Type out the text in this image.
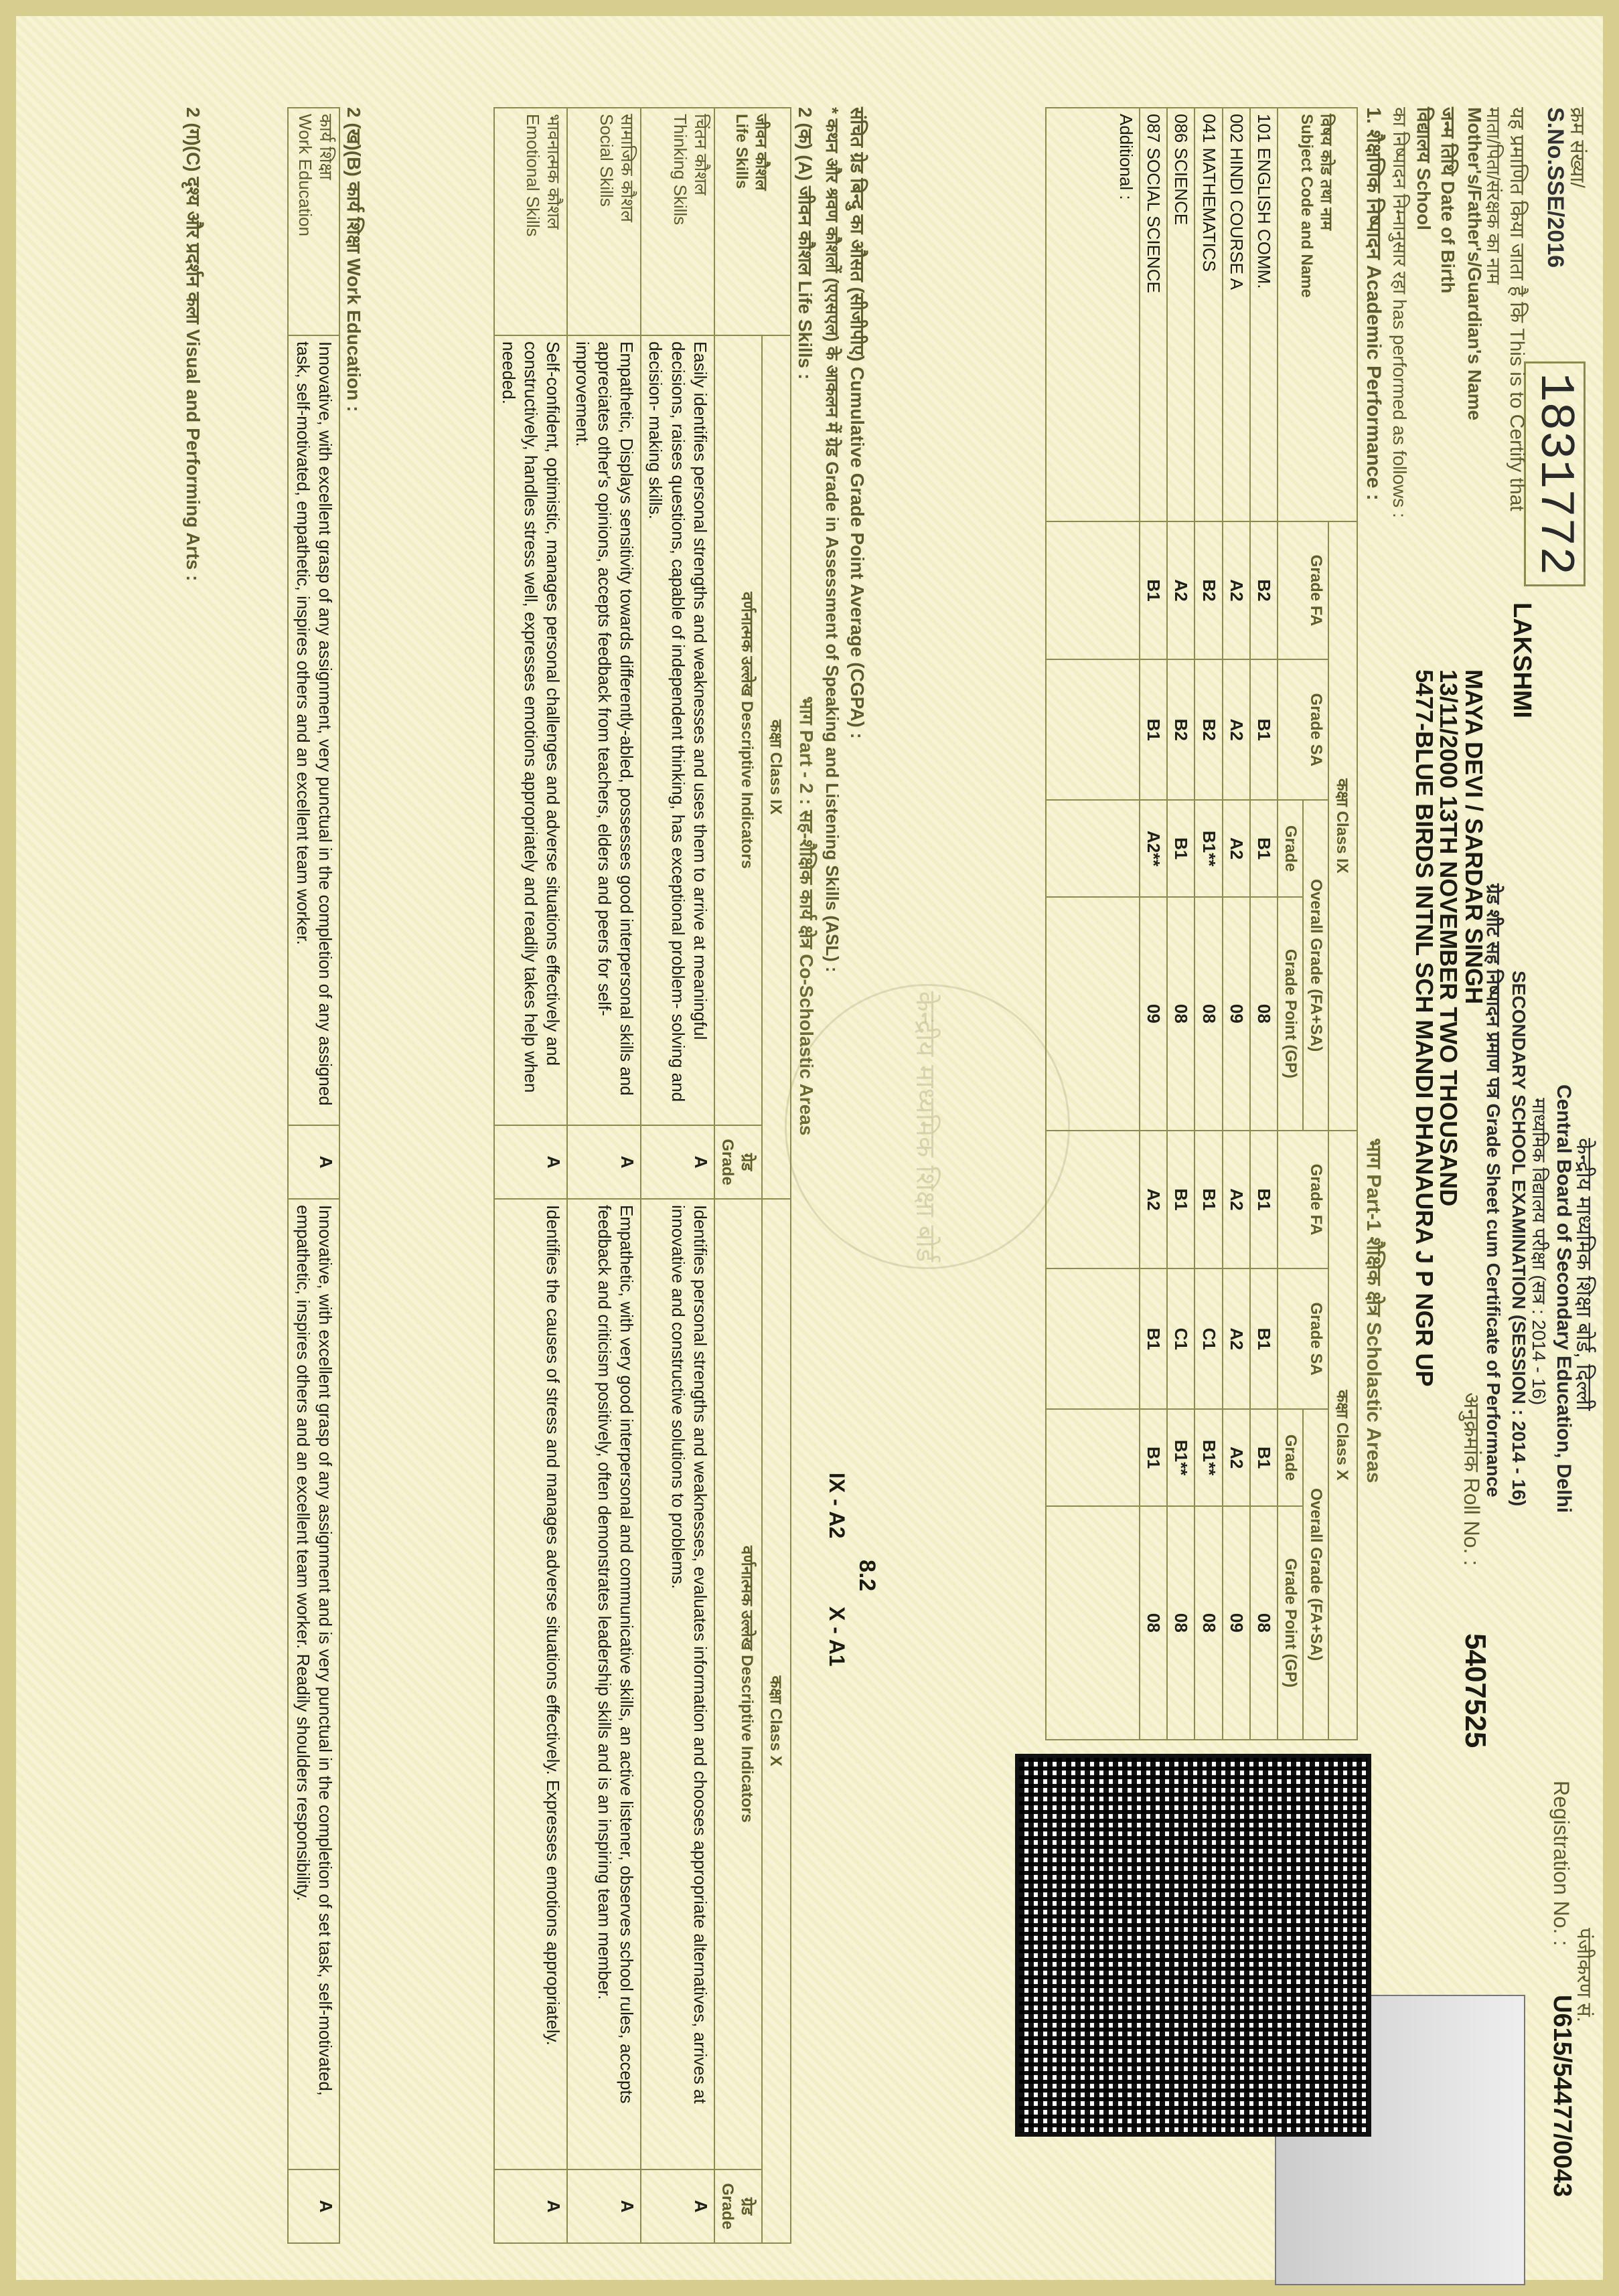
केन्द्रीय माध्यमिक शिक्षा बोर्ड
क्रम संख्या/
S.No.SSE/2016
1831772
केन्द्रीय माध्यमिक शिक्षा बोर्ड, दिल्ली
Central Board of Secondary Education, Delhi
माध्यमिक विद्यालय परीक्षा (सत्र : 2014 - 16)
SECONDARY SCHOOL EXAMINATION (SESSION : 2014 - 16)
ग्रेड शीट सह निष्पादन प्रमाण पत्र Grade Sheet cum Certificate of Performance
पंजीकरण सं.
Registration No. :
U615/54477/0043
अनुक्रमांक Roll No. :
5407525
यह प्रमाणित किया जाता है कि This is to Certify that
LAKSHMI
माता/पिता/संरक्षक का नाम
Mother's/Father's/Guardian's Name
MAYA DEVI / SARDAR SINGH
जन्म तिथि Date of Birth
13/11/2000 13TH NOVEMBER TWO THOUSAND
विद्यालय School
5477-BLUE BIRDS INTNL SCH MANDI DHANAURA J P NGR UP
का निष्पादन निम्नानुसार रहा has performed as follows :
1. शैक्षणिक निष्पादन Academic Performance :
भाग Part-1 शैक्षिक क्षेत्र Scholastic Areas
विषय कोड तथा नाम
Subject Code and Name	कक्षा Class IX				कक्षा Class X			
	Grade FA	Grade SA	Overall Grade (FA+SA)		Grade FA	Grade SA	Overall Grade (FA+SA)	
			Grade	Grade Point (GP)			Grade	Grade Point (GP)
101 ENGLISH COMM.	B2	B1	B1	08	B1	B1	B1	08
002 HINDI COURSE A	A2	A2	A2	09	A2	A2	A2	09
041 MATHEMATICS	B2	B2	B1**	08	B1	C1	B1**	08
086 SCIENCE	A2	B2	B1	08	B1	C1	B1**	08
087 SOCIAL SCIENCE	B1	B1	A2**	09	A2	B1	B1	08
Additional :								
संचित ग्रेड बिन्दु का औसत (सीजीपीए) Cumulative Grade Point Average (CGPA) :
8.2
* कथन और श्रवण कौशलों (एएसएल) के आकलन में ग्रेड Grade in Assessment of Speaking and Listening Skills (ASL) :
IX - A2
X - A1
2 (क) (A) जीवन कौशल Life Skills :
भाग Part - 2 : सह-शैक्षिक कार्य क्षेत्र Co-Scholastic Areas
जीवन कौशल
Life Skills	कक्षा Class IX		कक्षा Class X	
	वर्णनात्मक उल्लेख Descriptive Indicators	ग्रेड Grade	वर्णनात्मक उल्लेख Descriptive Indicators	ग्रेड Grade

चिंतन कौशल
Thinking Skills	Easily identifies personal strengths and weaknesses and uses them to arrive at meaningful decisions, raises questions, capable of independent thinking, has exceptional problem- solving and decision- making skills.	A	Identifies personal strengths and weaknesses, evaluates information and chooses appropriate alternatives, arrives at innovative and constructive solutions to problems.	A

सामाजिक कौशल
Social Skills	Empathetic, Displays sensitivity towards differently-abled, possesses good interpersonal skills and appreciates other's opinions, accepts feedback from teachers, elders and peers for self-improvement.	A	Empathetic, with very good interpersonal and communicative skills, an active listener, observes school rules, accepts feedback and criticism positively, often demonstrates leadership skills and is an inspiring team member.	A

भावनात्मक कौशल
Emotional Skills	Self-confident, optimistic, manages personal challenges and adverse situations effectively and constructively, handles stress well, expresses emotions appropriately and readily takes help when needed.	A	Identifies the causes of stress and manages adverse situations effectively. Expresses emotions appropriately.	A
2 (ख)(B) कार्य शिक्षा Work Education :
कार्य शिक्षा
Work Education
	Innovative, with excellent grasp of any assignment, very punctual in the completion of any assigned task, self-motivated, empathetic, inspires others and an excellent team worker.	A	Innovative, with excellent grasp of any assignment and is very punctual in the completion of set task, self-motivated, empathetic, inspires others and an excellent team worker. Readily shoulders responsibility.	A
2 (ग)(C) दृश्य और प्रदर्शन कला Visual and Performing Arts :
